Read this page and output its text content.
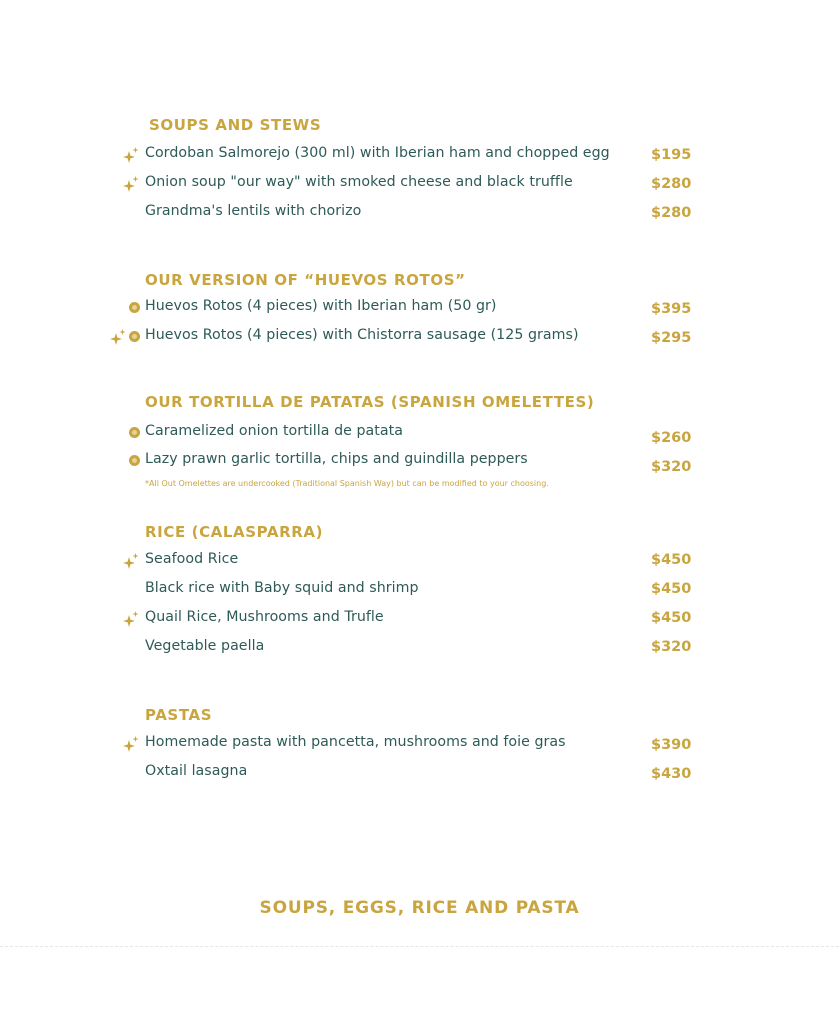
SOUPS AND STEWS
Cordoban Salmorejo (300 ml) with Iberian ham and chopped egg	$195
Onion soup "our way" with smoked cheese and black truffle	$280
Grandma's lentils with chorizo	$280
OUR VERSION OF “HUEVOS ROTOS”
Huevos Rotos (4 pieces) with Iberian ham (50 gr)	$395
Huevos Rotos (4 pieces) with Chistorra sausage (125 grams)	$295
OUR TORTILLA DE PATATAS (SPANISH OMELETTES)
Caramelized onion tortilla de patata	$260
Lazy prawn garlic tortilla, chips and guindilla peppers	$320
*All Out Omelettes are undercooked (Traditional Spanish Way) but can be modified to your choosing.
RICE (CALASPARRA)
Seafood Rice	$450
Black rice with Baby squid and shrimp	$450
Quail Rice, Mushrooms and Trufle	$450
Vegetable paella	$320
PASTAS
Homemade pasta with pancetta, mushrooms and foie gras	$390
Oxtail lasagna	$430
SOUPS, EGGS, RICE AND PASTA
